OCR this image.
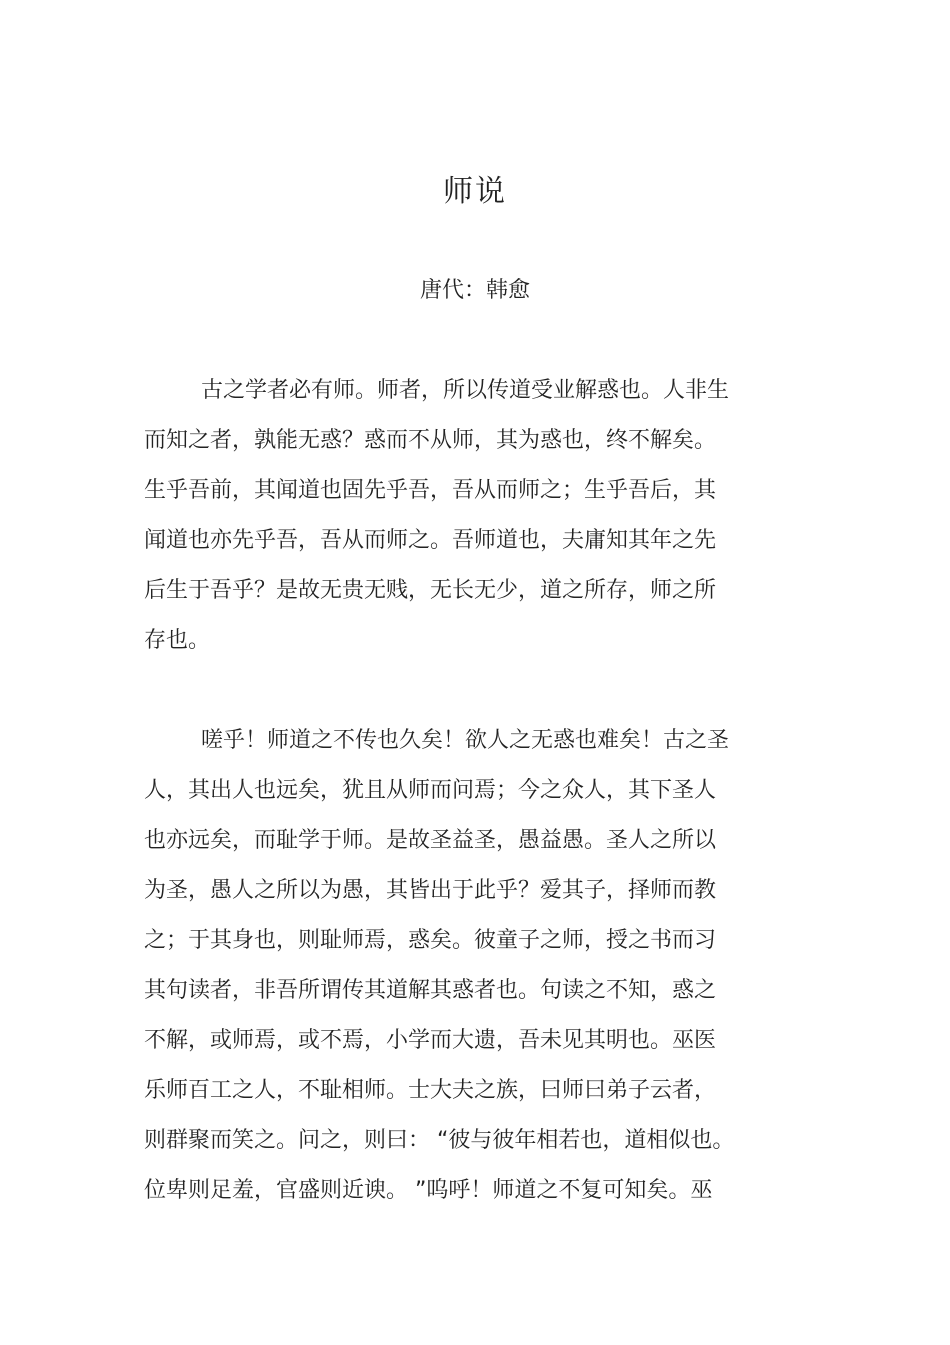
师说
唐代：韩愈
古之学者必有师。师者，所以传道受业解惑也。人非生
而知之者，孰能无惑？惑而不从师，其为惑也，终不解矣。
生乎吾前，其闻道也固先乎吾，吾从而师之；生乎吾后，其
闻道也亦先乎吾，吾从而师之。吾师道也，夫庸知其年之先
后生于吾乎？是故无贵无贱，无长无少，道之所存，师之所
存也。
嗟乎！师道之不传也久矣！欲人之无惑也难矣！古之圣
人，其出人也远矣，犹且从师而问焉；今之众人，其下圣人
也亦远矣，而耻学于师。是故圣益圣，愚益愚。圣人之所以
为圣，愚人之所以为愚，其皆出于此乎？爱其子，择师而教
之；于其身也，则耻师焉，惑矣。彼童子之师，授之书而习
其句读者，非吾所谓传其道解其惑者也。句读之不知，惑之
不解，或师焉，或不焉，小学而大遗，吾未见其明也。巫医
乐师百工之人，不耻相师。士大夫之族，曰师曰弟子云者，
则群聚而笑之。问之，则曰： “彼与彼年相若也，道相似也。
位卑则足羞，官盛则近谀。 ”呜呼！师道之不复可知矣。巫
